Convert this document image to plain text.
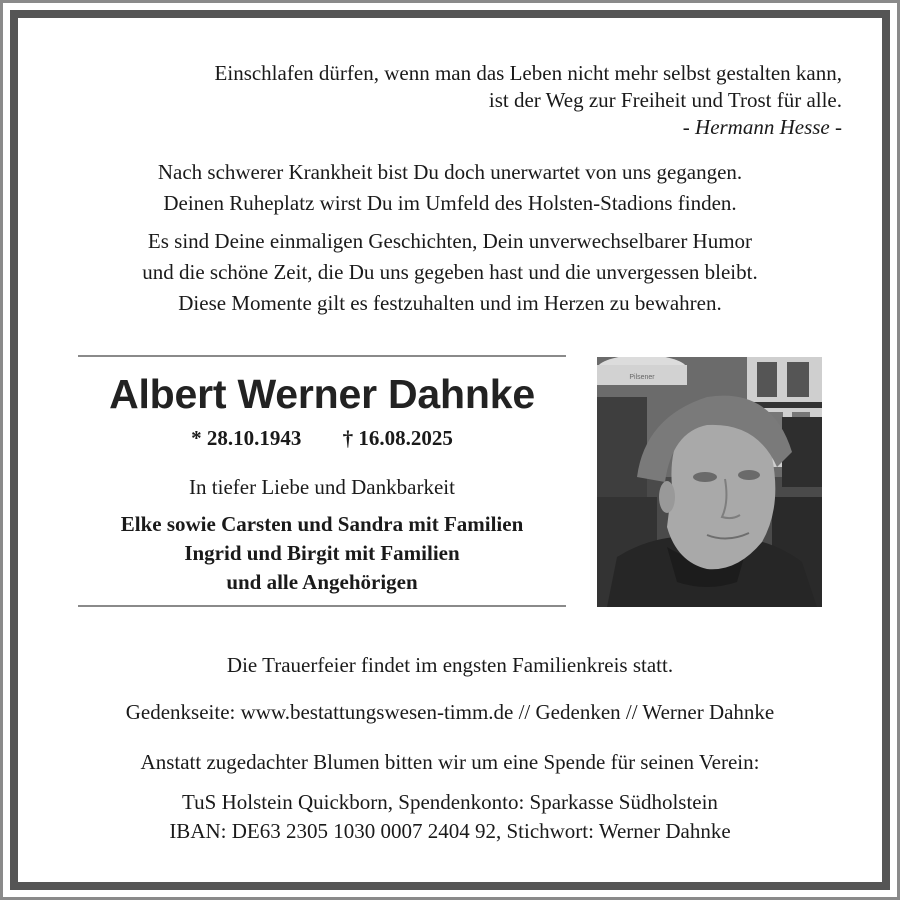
Einschlafen dürfen, wenn man das Leben nicht mehr selbst gestalten kann,
ist der Weg zur Freiheit und Trost für alle.
- Hermann Hesse -
Nach schwerer Krankheit bist Du doch unerwartet von uns gegangen.
Deinen Ruheplatz wirst Du im Umfeld des Holsten-Stadions finden.
Es sind Deine einmaligen Geschichten, Dein unverwechselbarer Humor
und die schöne Zeit, die Du uns gegeben hast und die unvergessen bleibt.
Diese Momente gilt es festzuhalten und im Herzen zu bewahren.
Albert Werner Dahnke
* 28.10.1943 † 16.08.2025
In tiefer Liebe und Dankbarkeit
Elke sowie Carsten und Sandra mit Familien
Ingrid und Birgit mit Familien
und alle Angehörigen
Pilsener
Die Trauerfeier findet im engsten Familienkreis statt.
Gedenkseite: www.bestattungswesen-timm.de // Gedenken // Werner Dahnke
Anstatt zugedachter Blumen bitten wir um eine Spende für seinen Verein:
TuS Holstein Quickborn, Spendenkonto: Sparkasse Südholstein
IBAN: DE63 2305 1030 0007 2404 92, Stichwort: Werner Dahnke
